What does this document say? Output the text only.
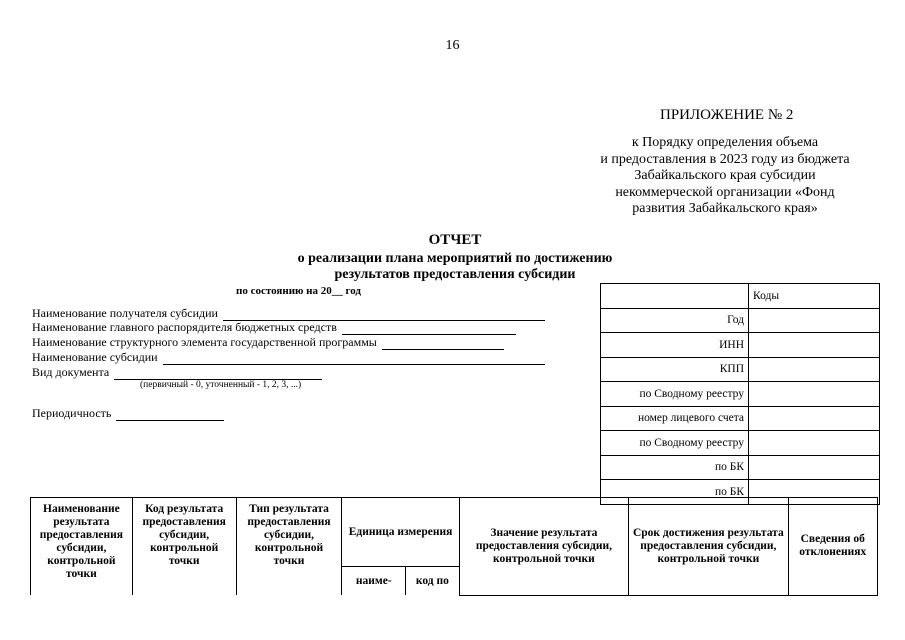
16
ПРИЛОЖЕНИЕ № 2
к Порядку определения объема
и предоставления в 2023 году из бюджета
Забайкальского края субсидии
некоммерческой организации «Фонд
развития Забайкальского края»
ОТЧЕТ
о реализации плана мероприятий по достижению
результатов предоставления субсидии
по состоянию на 20__ год
Наименование получателя субсидии
Наименование главного распорядителя бюджетных средств
Наименование структурного элемента государственной программы
Наименование субсидии
Вид документа
(первичный - 0, уточненный - 1, 2, 3, ...)
Периодичность
	Коды
Год	
ИНН	
КПП	
по Сводному реестру	
номер лицевого счета	
по Сводному реестру	
по БК	
по БК	
Наименование результата предоставления субсидии, контрольной точки	Код результата предоставления субсидии, контрольной точки	Тип результата предоставления субсидии, контрольной точки	Единица измерения		Значение результата предоставления субсидии, контрольной точки	Срок достижения результата предоставления субсидии, контрольной точки	Сведения об отклонениях
			наиме-	код по			
